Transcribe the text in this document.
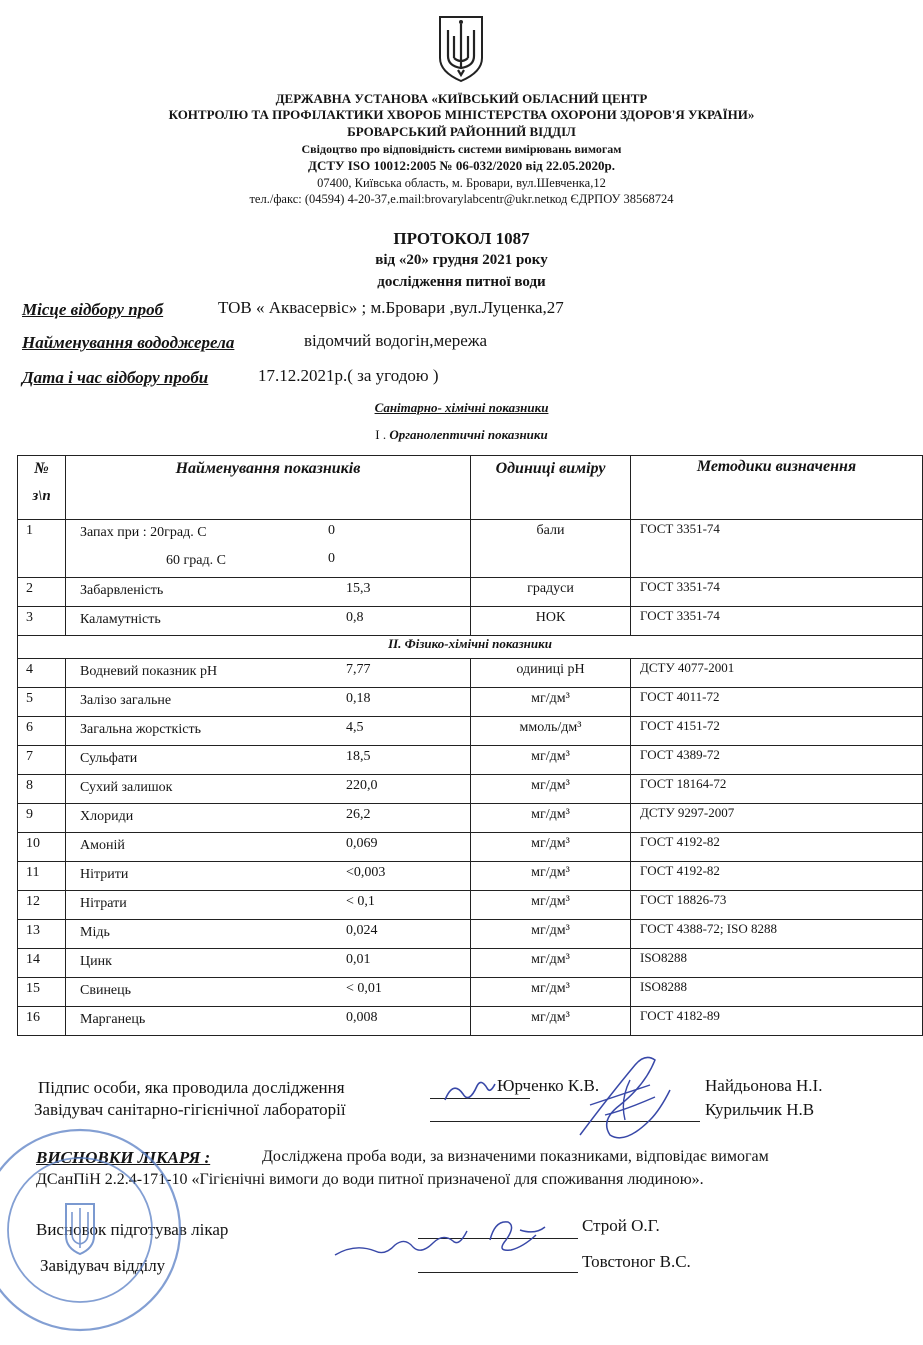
ДЕРЖАВНА УСТАНОВА «КИЇВСЬКИЙ ОБЛАСНИЙ ЦЕНТР
КОНТРОЛЮ ТА ПРОФІЛАКТИКИ ХВОРОБ МІНІСТЕРСТВА ОХОРОНИ ЗДОРОВ'Я УКРАЇНИ»
БРОВАРСЬКИЙ РАЙОННИЙ ВІДДІЛ
Свідоцтво про відповідність системи вимірювань вимогам
ДСТУ ISO 10012:2005 № 06-032/2020 від 22.05.2020р.
07400, Київська область, м. Бровари, вул.Шевченка,12
тел./факс: (04594) 4-20-37,e.mail:brovarylabcentr@ukr.netкод ЄДРПОУ 38568724
ПРОТОКОЛ 1087
від «20» грудня 2021 року
дослідження питної води
Місце відбору проб	ТОВ « Аквасервіс» ; м.Бровари ,вул.Луценка,27
Найменування вододжерела	відомчий водогін,мережа
Дата і час відбору проби	17.12.2021р.( за угодою )
Санітарно- хімічні показники
І . Органолептичні показники
№
з\п	Найменування показників	Одиниці виміру	Методики визначення
1	Запах при : 20град. С 0
60 град. С 0	бали	ГОСТ 3351-74
2	Забарвленість 15,3	градуси	ГОСТ 3351-74
3	Каламутність 0,8	НОК	ГОСТ 3351-74
ІІ. Фізико-хімічні показники			
4	Водневий показник рН 7,77	одиниці рН	ДСТУ 4077-2001
5	Залізо загальне 0,18	мг/дм³	ГОСТ 4011-72
6	Загальна жорсткість 4,5	ммоль/дм³	ГОСТ 4151-72
7	Сульфати 18,5	мг/дм³	ГОСТ 4389-72
8	Сухий залишок 220,0	мг/дм³	ГОСТ 18164-72
9	Хлориди 26,2	мг/дм³	ДСТУ 9297-2007
10	Амоній 0,069	мг/дм³	ГОСТ 4192-82
11	Нітрити <0,003	мг/дм³	ГОСТ 4192-82
12	Нітрати < 0,1	мг/дм³	ГОСТ 18826-73
13	Мідь 0,024	мг/дм³	ГОСТ 4388-72; ISO 8288
14	Цинк 0,01	мг/дм³	ISO8288
15	Свинець < 0,01	мг/дм³	ISO8288
16	Марганець 0,008	мг/дм³	ГОСТ 4182-89
Підпис особи, яка проводила дослідження
Завідувач санітарно-гігієнічної лабораторії
Юрченко К.В.	Найдьонова Н.І.
Курильчик Н.В
ВИСНОВКИ ЛІКАРЯ :	Досліджена проба води, за визначеними показниками, відповідає вимогам
ДСанПіН 2.2.4-171-10 «Гігієнічні вимоги до води питної призначеної для споживання людиною».
Висновок підготував лікар	Строй О.Г.
Завідувач відділу	Товстоног В.С.
